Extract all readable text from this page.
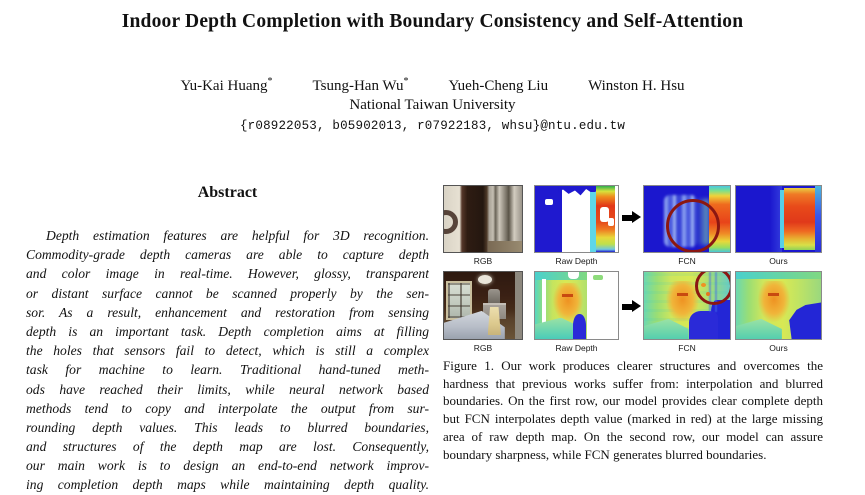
Indoor Depth Completion with Boundary Consistency and Self-Attention
Yu-Kai Huang*	Tsung-Han Wu*	Yueh-Cheng Liu	Winston H. Hsu
National Taiwan University
{r08922053, b05902013, r07922183, whsu}@ntu.edu.tw
Abstract
Depth estimation features are helpful for 3D recognition.
Commodity-grade depth cameras are able to capture depth
and color image in real-time. However, glossy, transparent
or distant surface cannot be scanned properly by the sen-
sor. As a result, enhancement and restoration from sensing
depth is an important task. Depth completion aims at filling
the holes that sensors fail to detect, which is still a complex
task for machine to learn. Traditional hand-tuned meth-
ods have reached their limits, while neural network based
methods tend to copy and interpolate the output from sur-
rounding depth values. This leads to blurred boundaries,
and structures of the depth map are lost. Consequently,
our main work is to design an end-to-end network improv-
ing completion depth maps while maintaining depth quality.
RGB	Raw Depth	FCN	Ours
RGB	Raw Depth	FCN	Ours
Figure 1. Our work produces clearer structures and overcomes the hardness that previous works suffer from: interpolation and blurred boundaries. On the first row, our model provides clear complete depth but FCN interpolates depth value (marked in red) at the large missing area of raw depth map. On the second row, our model can assure boundary sharpness, while FCN generates blurred boundaries.
